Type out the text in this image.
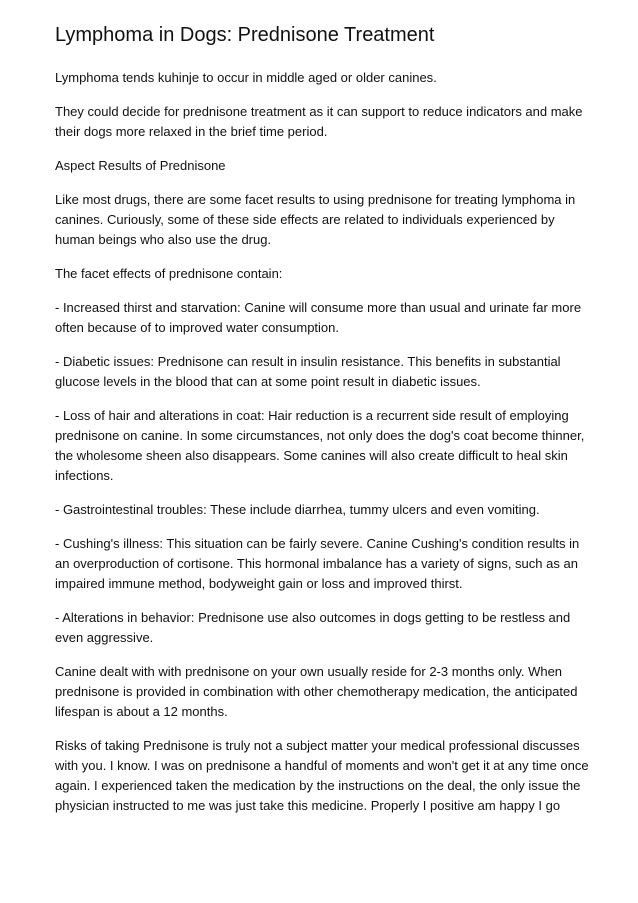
Lymphoma in Dogs: Prednisone Treatment

Lymphoma tends kuhinje to occur in middle aged or older canines.

They could decide for prednisone treatment as it can support to reduce indicators and make their dogs more relaxed in the brief time period.

Aspect Results of Prednisone

Like most drugs, there are some facet results to using prednisone for treating lymphoma in canines. Curiously, some of these side effects are related to individuals experienced by human beings who also use the drug.

The facet effects of prednisone contain:

- Increased thirst and starvation: Canine will consume more than usual and urinate far more often because of to improved water consumption.

- Diabetic issues: Prednisone can result in insulin resistance. This benefits in substantial glucose levels in the blood that can at some point result in diabetic issues.

- Loss of hair and alterations in coat: Hair reduction is a recurrent side result of employing prednisone on canine. In some circumstances, not only does the dog's coat become thinner, the wholesome sheen also disappears. Some canines will also create difficult to heal skin infections.

- Gastrointestinal troubles: These include diarrhea, tummy ulcers and even vomiting.

- Cushing's illness: This situation can be fairly severe. Canine Cushing's condition results in an overproduction of cortisone. This hormonal imbalance has a variety of signs, such as an impaired immune method, bodyweight gain or loss and improved thirst.

- Alterations in behavior: Prednisone use also outcomes in dogs getting to be restless and even aggressive.

Canine dealt with with prednisone on your own usually reside for 2-3 months only. When prednisone is provided in combination with other chemotherapy medication, the anticipated lifespan is about a 12 months.

Risks of taking Prednisone is truly not a subject matter your medical professional discusses with you. I know. I was on prednisone a handful of moments and won't get it at any time once again. I experienced taken the medication by the instructions on the deal, the only issue the physician instructed to me was just take this medicine. Properly I positive am happy I go
